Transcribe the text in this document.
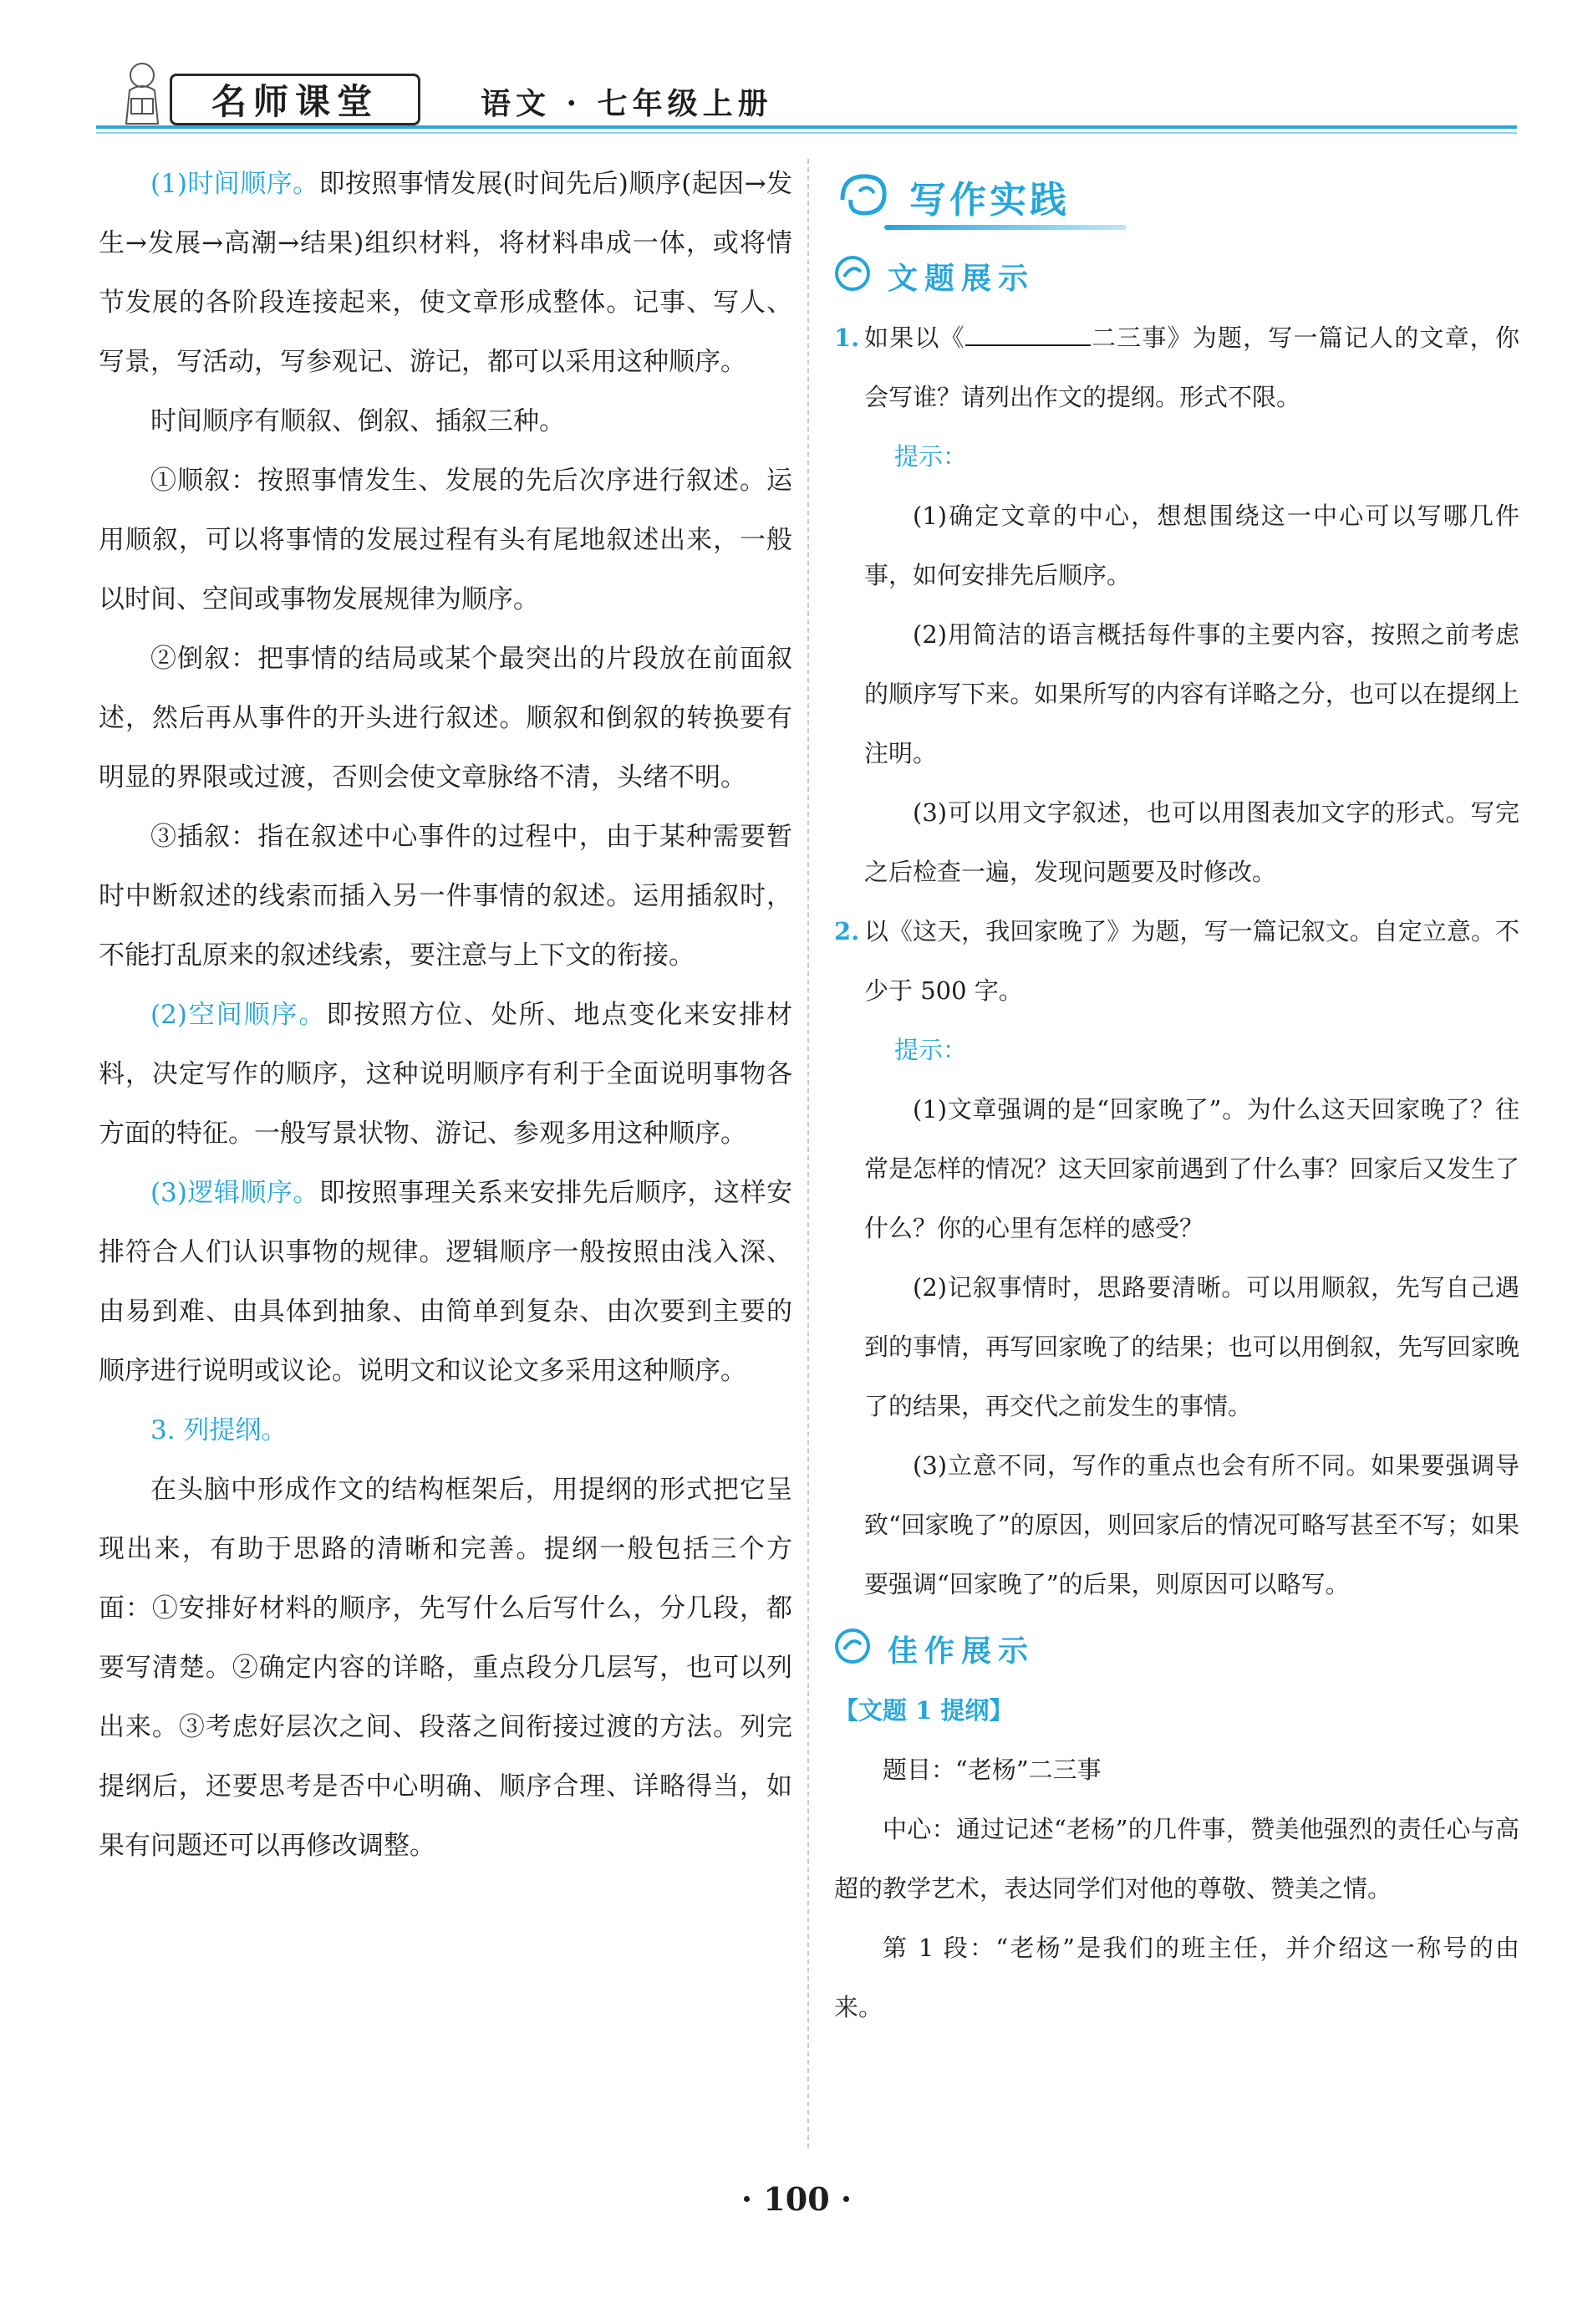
名师课堂	语文 · 七年级上册

(1)时间顺序。即按照事情发展(时间先后)顺序(起因→发生→发展→高潮→结果)组织材料，将材料串成一体，或将情节发展的各阶段连接起来，使文章形成整体。记事、写人、写景，写活动，写参观记、游记，都可以采用这种顺序。

时间顺序有顺叙、倒叙、插叙三种。

①顺叙：按照事情发生、发展的先后次序进行叙述。运用顺叙，可以将事情的发展过程有头有尾地叙述出来，一般以时间、空间或事物发展规律为顺序。

②倒叙：把事情的结局或某个最突出的片段放在前面叙述，然后再从事件的开头进行叙述。顺叙和倒叙的转换要有明显的界限或过渡，否则会使文章脉络不清，头绪不明。

③插叙：指在叙述中心事件的过程中，由于某种需要暂时中断叙述的线索而插入另一件事情的叙述。运用插叙时，不能打乱原来的叙述线索，要注意与上下文的衔接。

(2)空间顺序。即按照方位、处所、地点变化来安排材料，决定写作的顺序，这种说明顺序有利于全面说明事物各方面的特征。一般写景状物、游记、参观多用这种顺序。

(3)逻辑顺序。即按照事理关系来安排先后顺序，这样安排符合人们认识事物的规律。逻辑顺序一般按照由浅入深、由易到难、由具体到抽象、由简单到复杂、由次要到主要的顺序进行说明或议论。说明文和议论文多采用这种顺序。

3. 列提纲。

在头脑中形成作文的结构框架后，用提纲的形式把它呈现出来，有助于思路的清晰和完善。提纲一般包括三个方面：①安排好材料的顺序，先写什么后写什么，分几段，都要写清楚。②确定内容的详略，重点段分几层写，也可以列出来。③考虑好层次之间、段落之间衔接过渡的方法。列完提纲后，还要思考是否中心明确、顺序合理、详略得当，如果有问题还可以再修改调整。

写作实践
文题展示
1. 如果以《	二三事》为题，写一篇记人的文章，你会写谁？请列出作文的提纲。形式不限。

提示：

(1)确定文章的中心，想想围绕这一中心可以写哪几件事，如何安排先后顺序。

(2)用简洁的语言概括每件事的主要内容，按照之前考虑的顺序写下来。如果所写的内容有详略之分，也可以在提纲上注明。

(3)可以用文字叙述，也可以用图表加文字的形式。写完之后检查一遍，发现问题要及时修改。

2. 以《这天，我回家晚了》为题，写一篇记叙文。自定立意。不少于 500 字。

提示：

(1)文章强调的是“回家晚了”。为什么这天回家晚了？往常是怎样的情况？这天回家前遇到了什么事？回家后又发生了什么？你的心里有怎样的感受？

(2)记叙事情时，思路要清晰。可以用顺叙，先写自己遇到的事情，再写回家晚了的结果；也可以用倒叙，先写回家晚了的结果，再交代之前发生的事情。

(3)立意不同，写作的重点也会有所不同。如果要强调导致“回家晚了”的原因，则回家后的情况可略写甚至不写；如果要强调“回家晚了”的后果，则原因可以略写。

佳作展示
【文题 1 提纲】

题目：“老杨”二三事

中心：通过记述“老杨”的几件事，赞美他强烈的责任心与高超的教学艺术，表达同学们对他的尊敬、赞美之情。

第 1 段：“老杨”是我们的班主任，并介绍这一称号的由来。

· 100 ·
